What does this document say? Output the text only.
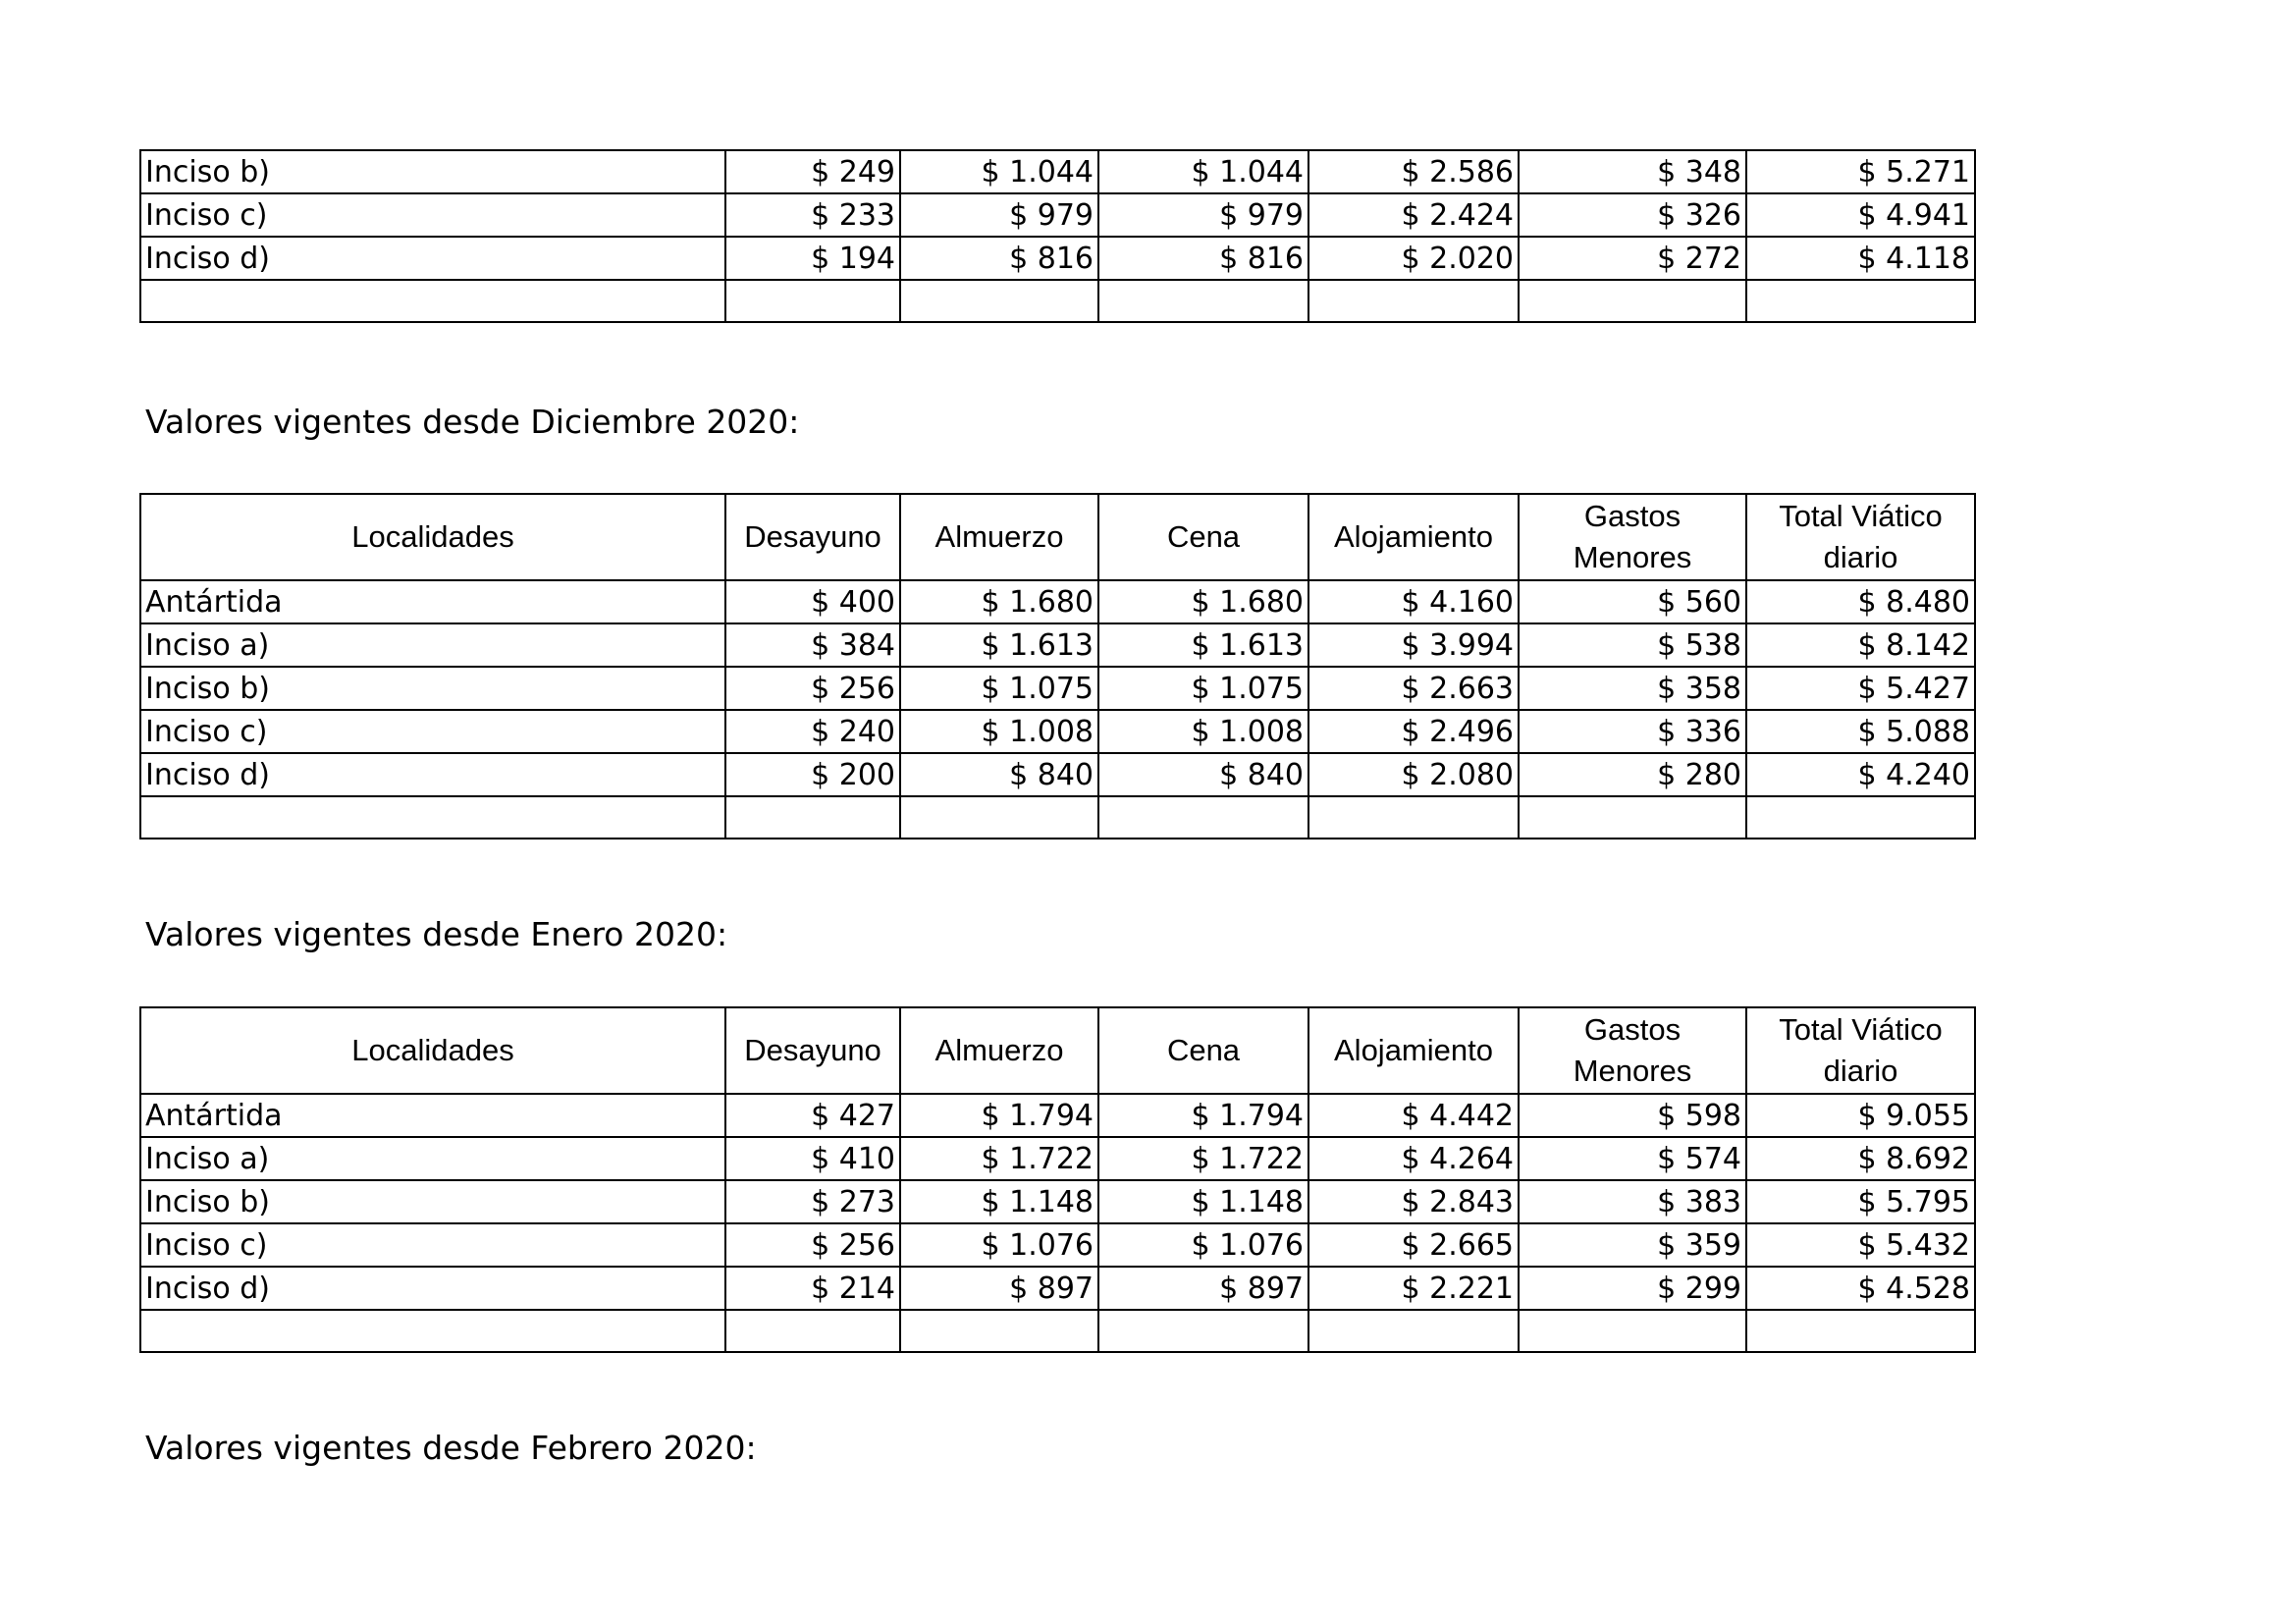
Inciso b)	$ 249	$ 1.044	$ 1.044	$ 2.586	$ 348	$ 5.271
Inciso c)	$ 233	$ 979	$ 979	$ 2.424	$ 326	$ 4.941
Inciso d)	$ 194	$ 816	$ 816	$ 2.020	$ 272	$ 4.118

Valores vigentes desde Diciembre 2020:
Localidades	Desayuno	Almuerzo	Cena	Alojamiento	Gastos Menores	Total Viático diario
Antártida	$ 400	$ 1.680	$ 1.680	$ 4.160	$ 560	$ 8.480
Inciso a)	$ 384	$ 1.613	$ 1.613	$ 3.994	$ 538	$ 8.142
Inciso b)	$ 256	$ 1.075	$ 1.075	$ 2.663	$ 358	$ 5.427
Inciso c)	$ 240	$ 1.008	$ 1.008	$ 2.496	$ 336	$ 5.088
Inciso d)	$ 200	$ 840	$ 840	$ 2.080	$ 280	$ 4.240

Valores vigentes desde Enero 2020:
Localidades	Desayuno	Almuerzo	Cena	Alojamiento	Gastos Menores	Total Viático diario
Antártida	$ 427	$ 1.794	$ 1.794	$ 4.442	$ 598	$ 9.055
Inciso a)	$ 410	$ 1.722	$ 1.722	$ 4.264	$ 574	$ 8.692
Inciso b)	$ 273	$ 1.148	$ 1.148	$ 2.843	$ 383	$ 5.795
Inciso c)	$ 256	$ 1.076	$ 1.076	$ 2.665	$ 359	$ 5.432
Inciso d)	$ 214	$ 897	$ 897	$ 2.221	$ 299	$ 4.528

Valores vigentes desde Febrero 2020:
